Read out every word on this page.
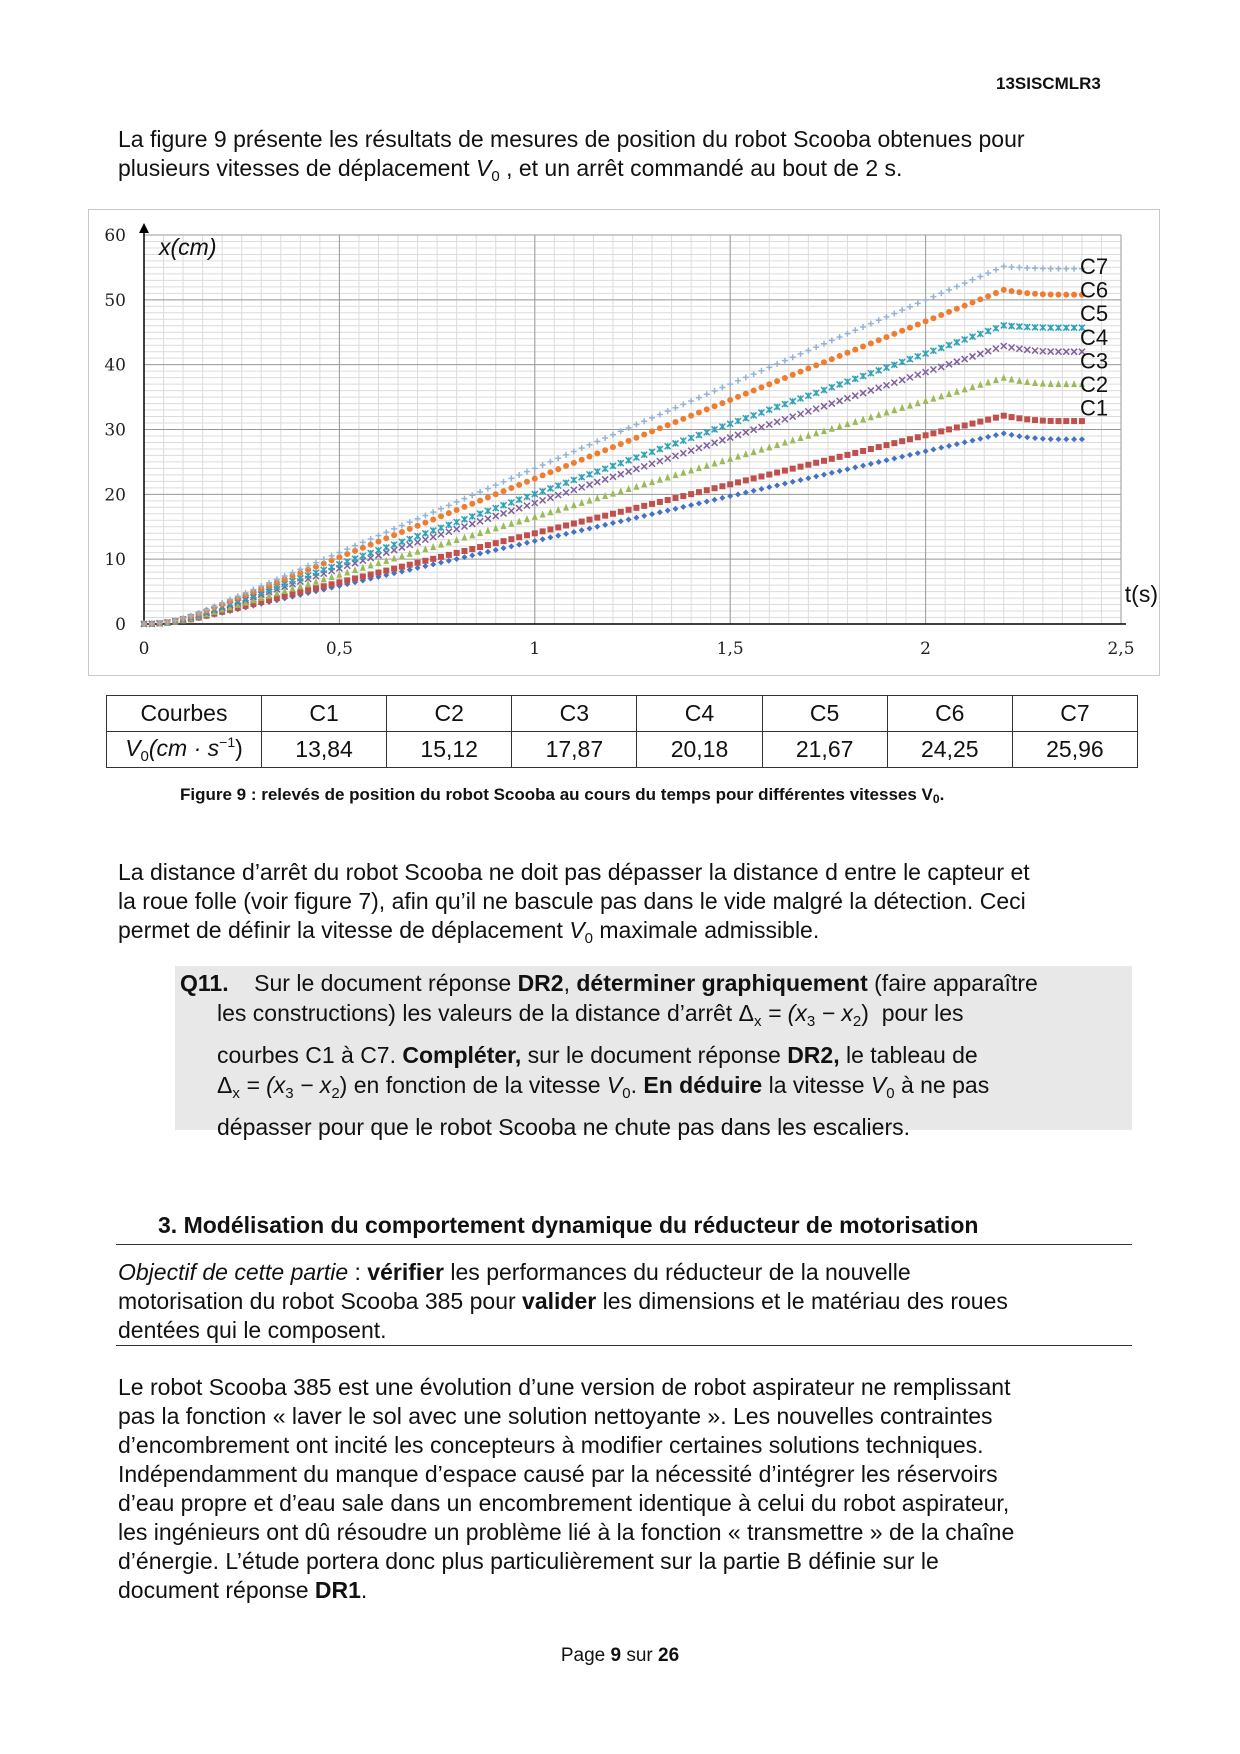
13SISCMLR3

La figure 9 présente les résultats de mesures de position du robot Scooba obtenues pour

plusieurs vitesses de déplacement $V_0$ , et un arrêt commandé au bout de 2 s.

0	0,5	1	1,5	2	2,5
0
10
20
30
40
50
60 x(cm)
t(s)
C7
C6
C5
C4
C3
C2
C1
Courbes	C1	C2	C3	C4	C5	C6	C7
$V_0(cm \cdot s^{-1})$	13,84	15,12	17,87	20,18	21,67	24,25	25,96
Figure 9 : relevés de position du robot Scooba au cours du temps pour différentes vitesses V0.

La distance d’arrêt du robot Scooba ne doit pas dépasser la distance d entre le capteur et

la roue folle (voir figure 7), afin qu’il ne bascule pas dans le vide malgré la détection. Ceci

permet de définir la vitesse de déplacement $V_0$ maximale admissible.

Q11. Sur le document réponse DR2, déterminer graphiquement (faire apparaître
les constructions) les valeurs de la distance d’arrêt $\Delta_x = (x_3 - x_2)$ pour les
courbes C1 à C7. Compléter, sur le document réponse DR2, le tableau de
$\Delta_x = (x_3 - x_2)$ en fonction de la vitesse $V_0$. En déduire la vitesse $V_0$ à ne pas
dépasser pour que le robot Scooba ne chute pas dans les escaliers.
3. Modélisation du comportement dynamique du réducteur de motorisation

Objectif de cette partie : vérifier les performances du réducteur de la nouvelle

motorisation du robot Scooba 385 pour valider les dimensions et le matériau des roues

dentées qui le composent.

Le robot Scooba 385 est une évolution d’une version de robot aspirateur ne remplissant

pas la fonction « laver le sol avec une solution nettoyante ». Les nouvelles contraintes

d’encombrement ont incité les concepteurs à modifier certaines solutions techniques.

Indépendamment du manque d’espace causé par la nécessité d’intégrer les réservoirs

d’eau propre et d’eau sale dans un encombrement identique à celui du robot aspirateur,

les ingénieurs ont dû résoudre un problème lié à la fonction « transmettre » de la chaîne

d’énergie. L’étude portera donc plus particulièrement sur la partie B définie sur le

document réponse DR1.

Page 9 sur 26
